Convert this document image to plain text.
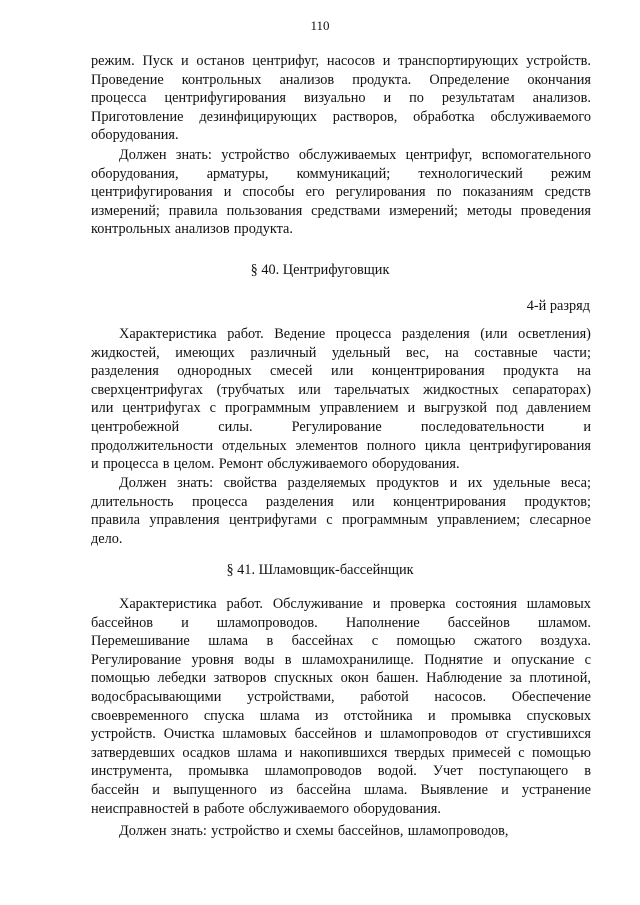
110
режим. Пуск и останов центрифуг, насосов и транспортирующих устройств.
Проведение контрольных анализов продукта. Определение окончания
процесса центрифугирования визуально и по результатам анализов.
Приготовление дезинфицирующих растворов, обработка обслуживаемого
оборудования.
Должен знать: устройство обслуживаемых центрифуг, вспомогательного
оборудования, арматуры, коммуникаций; технологический режим
центрифугирования и способы его регулирования по показаниям средств
измерений; правила пользования средствами измерений; методы проведения
контрольных анализов продукта.
§ 40. Центрифуговщик
4-й разряд
Характеристика работ. Ведение процесса разделения (или осветления)
жидкостей, имеющих различный удельный вес, на составные части;
разделения однородных смесей или концентрирования продукта на
сверхцентрифугах (трубчатых или тарельчатых жидкостных сепараторах)
или центрифугах с программным управлением и выгрузкой под давлением
центробежной	силы.	Регулирование	последовательности	и
продолжительности отдельных элементов полного цикла центрифугирования
и процесса в целом. Ремонт обслуживаемого оборудования.
Должен знать: свойства разделяемых продуктов и их удельные веса;
длительность процесса разделения или концентрирования продуктов;
правила управления центрифугами с программным управлением; слесарное
дело.
§ 41. Шламовщик-бассейнщик
Характеристика работ. Обслуживание и проверка состояния шламовых
бассейнов и шламопроводов. Наполнение бассейнов шламом.
Перемешивание шлама в бассейнах с помощью сжатого воздуха.
Регулирование уровня воды в шламохранилище. Поднятие и опускание с
помощью лебедки затворов спускных окон башен. Наблюдение за плотиной,
водосбрасывающими устройствами, работой насосов. Обеспечение
своевременного спуска шлама из отстойника и промывка спусковых
устройств. Очистка шламовых бассейнов и шламопроводов от сгустившихся
затвердевших осадков шлама и накопившихся твердых примесей с помощью
инструмента, промывка шламопроводов водой. Учет поступающего в
бассейн и выпущенного из бассейна шлама. Выявление и устранение
неисправностей в работе обслуживаемого оборудования.
Должен знать: устройство и схемы бассейнов, шламопроводов,
